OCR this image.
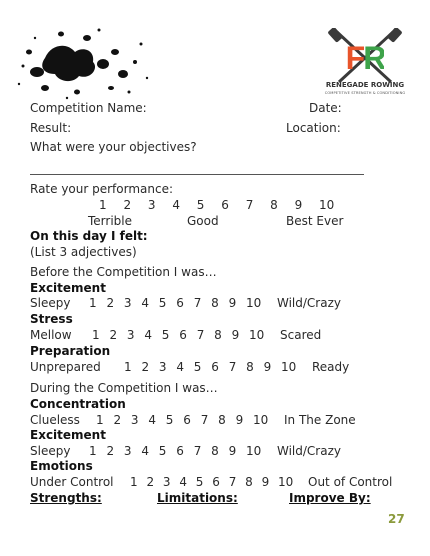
FR
RENEGADE ROWING
COMPETITIVE STRENGTH & CONDITIONING
Competition Name:	Date:
Result:	Location:
What were your objectives?
Rate your performance:
1 2 3 4 5 6 7 8 9 10
Terrible	Good	Best Ever
On this day I felt:
(List 3 adjectives)
Before the Competition I was…
Excitement
Sleepy 1 2 3 4 5 6 7 8 9 10 Wild/Crazy
Stress
Mellow 1 2 3 4 5 6 7 8 9 10 Scared
Preparation
Unprepared 1 2 3 4 5 6 7 8 9 10 Ready
During the Competition I was…
Concentration
Clueless 1 2 3 4 5 6 7 8 9 10 In The Zone
Excitement
Sleepy 1 2 3 4 5 6 7 8 9 10 Wild/Crazy
Emotions
Under Control 1 2 3 4 5 6 7 8 9 10 Out of Control
Strengths:	Limitations:	Improve By:
27
